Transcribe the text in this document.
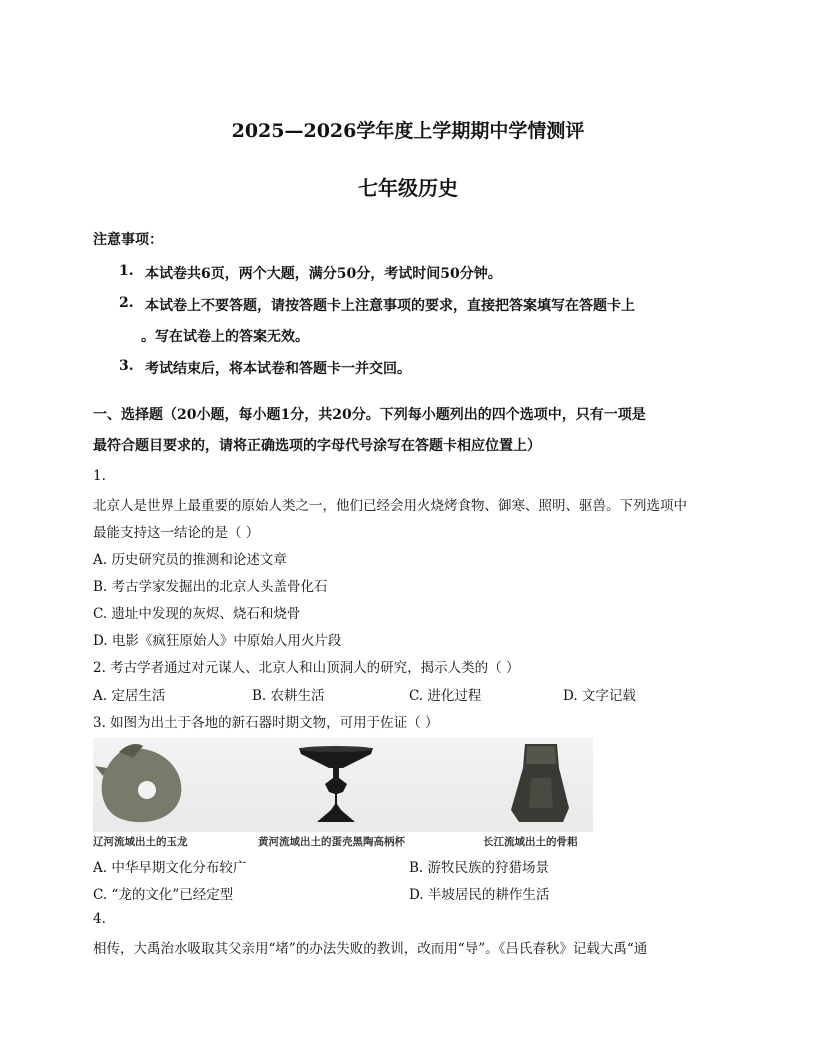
2025—2026学年度上学期期中学情测评
七年级历史
注意事项：
1. 本试卷共6页，两个大题，满分50分，考试时间50分钟。
2. 本试卷上不要答题，请按答题卡上注意事项的要求，直接把答案填写在答题卡上
。写在试卷上的答案无效。
3. 考试结束后，将本试卷和答题卡一并交回。
一、选择题（20小题，每小题1分，共20分。下列每小题列出的四个选项中，只有一项是
最符合题目要求的，请将正确选项的字母代号涂写在答题卡相应位置上）
1.
北京人是世界上最重要的原始人类之一，他们已经会用火烧烤食物、御寒、照明、驱兽。下列选项中
最能支持这一结论的是（ ）
A. 历史研究员的推测和论述文章
B. 考古学家发掘出的北京人头盖骨化石
C. 遗址中发现的灰烬、烧石和烧骨
D. 电影《疯狂原始人》中原始人用火片段
2. 考古学者通过对元谋人、北京人和山顶洞人的研究，揭示人类的（ ）
A. 定居生活	B. 农耕生活	C. 进化过程	D. 文字记载
3. 如图为出土于各地的新石器时期文物，可用于佐证（ ）
辽河流域出土的玉龙	黄河流域出土的蛋壳黑陶高柄杯	长江流域出土的骨耜
A. 中华早期文化分布较广	B. 游牧民族的狩猎场景
C. “龙的文化”已经定型	D. 半坡居民的耕作生活
4.
相传，大禹治水吸取其父亲用“堵”的办法失败的教训，改而用“导”。《吕氏春秋》记载大禹“通
